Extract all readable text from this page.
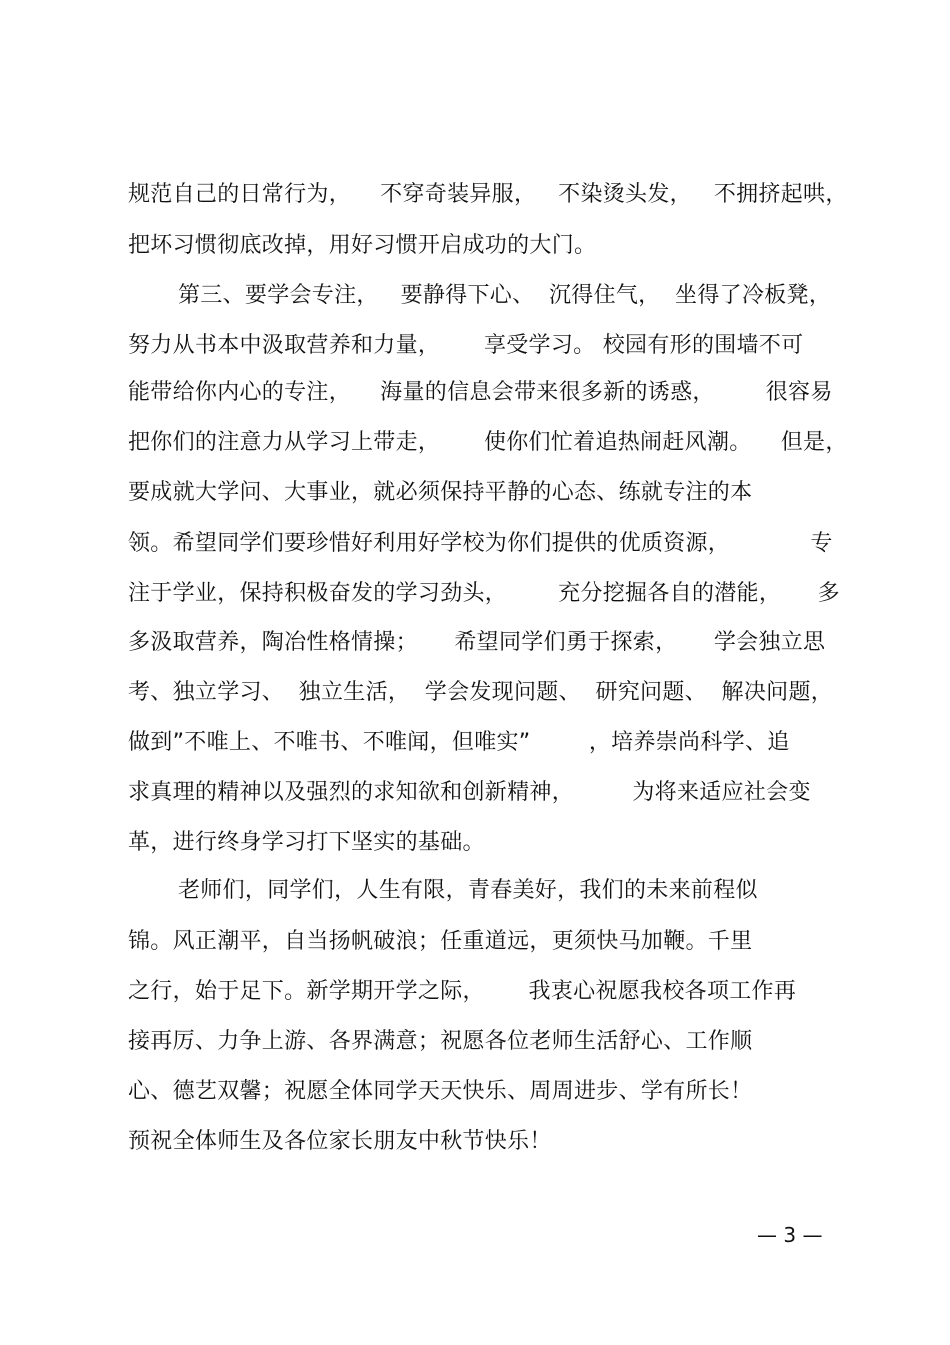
规范自己的日常行为，    不穿奇装异服，   不染烫头发，   不拥挤起哄，
把坏习惯彻底改掉，用好习惯开启成功的大门。
第三、要学会专注，   要静得下心、  沉得住气，  坐得了冷板凳，
努力从书本中汲取营养和力量，      享受学习。 校园有形的围墙不可
能带给你内心的专注，    海量的信息会带来很多新的诱惑，       很容易
把你们的注意力从学习上带走，      使你们忙着追热闹赶风潮。    但是，
要成就大学问、大事业，就必须保持平静的心态、练就专注的本
领。希望同学们要珍惜好利用好学校为你们提供的优质资源，           专
注于学业，保持积极奋发的学习劲头，       充分挖掘各自的潜能，     多
多汲取营养，陶冶性格情操；     希望同学们勇于探索，     学会独立思
考、独立学习、  独立生活，  学会发现问题、  研究问题、  解决问题，
做到”不唯上、不唯书、不唯闻，但唯实”        ，培养崇尚科学、追
求真理的精神以及强烈的求知欲和创新精神，        为将来适应社会变
革，进行终身学习打下坚实的基础。
老师们，同学们，人生有限，青春美好，我们的未来前程似
锦。风正潮平，自当扬帆破浪；任重道远，更须快马加鞭。千里
之行，始于足下。新学期开学之际，      我衷心祝愿我校各项工作再
接再厉、力争上游、各界满意；祝愿各位老师生活舒心、工作顺
心、德艺双馨；祝愿全体同学天天快乐、周周进步、学有所长！
预祝全体师生及各位家长朋友中秋节快乐！
— 3 —
